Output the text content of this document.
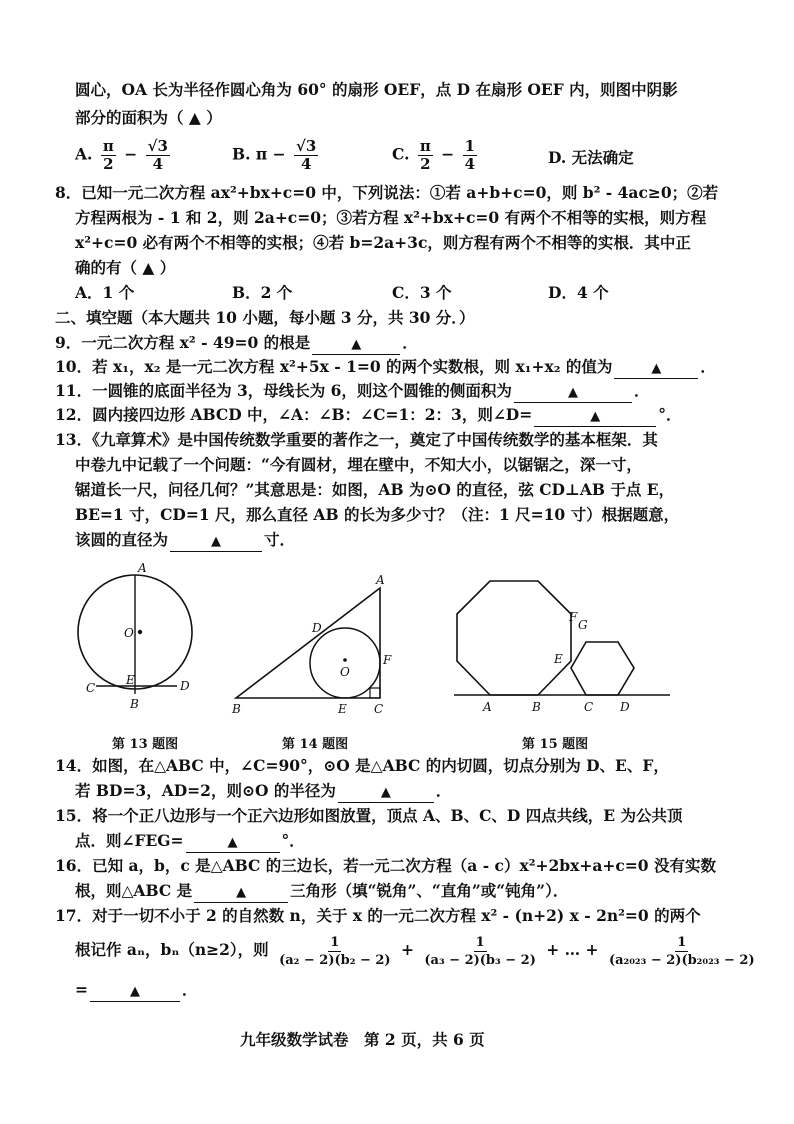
圆心，OA 长为半径作圆心角为 60° 的扇形 OEF，点 D 在扇形 OEF 内，则图中阴影
部分的面积为（ ▲ ）
A. $\frac{\pi}{2} - \frac{√3}{4}$	B. $\pi - \frac{√3}{4}$	C. $\frac{\pi}{2} - \frac{1}{4}$	D. 无法确定
8．已知一元二次方程 ax²+bx+c=0 中，下列说法：①若 a+b+c=0，则 b² - 4ac≥0；②若
方程两根为 - 1 和 2，则 2a+c=0；③若方程 x²+bx+c=0 有两个不相等的实根，则方程
x²+c=0 必有两个不相等的实根；④若 b=2a+3c，则方程有两个不相等的实根．其中正
确的有（ ▲ ）
A．1 个	B．2 个	C．3 个	D．4 个
二、填空题（本大题共 10 小题，每小题 3 分，共 30 分．）
9．一元二次方程 x² - 49=0 的根是	▲	．
10．若 x₁，x₂ 是一元二次方程 x²+5x - 1=0 的两个实数根，则 x₁+x₂ 的值为	▲	．
11．一圆锥的底面半径为 3，母线长为 6，则这个圆锥的侧面积为	▲	．
12．圆内接四边形 ABCD 中，∠A：∠B：∠C=1：2：3，则∠D=	▲	°．
13．《九章算术》是中国传统数学重要的著作之一，奠定了中国传统数学的基本框架．其
中卷九中记载了一个问题：“今有圆材，埋在壁中，不知大小，以锯锯之，深一寸，
锯道长一尺，问径几何？”其意思是：如图，AB 为⊙O 的直径，弦 CD⊥AB 于点 E，
BE=1 寸，CD=1 尺，那么直径 AB 的长为多少寸？（注：1 尺=10 寸）根据题意，
该圆的直径为	▲	寸．
A
O
E
C	D
B
第 13 题图
A
D
O
F
B	E C
第 14 题图
F
G
E
A	B	C D
第 15 题图
14．如图，在△ABC 中，∠C=90°，⊙O 是△ABC 的内切圆，切点分别为 D、E、F，
若 BD=3，AD=2，则⊙O 的半径为	▲	．
15．将一个正八边形与一个正六边形如图放置，顶点 A、B、C、D 四点共线，E 为公共顶
点．则∠FEG=	▲	°．
16．已知 a，b，c 是△ABC 的三边长，若一元二次方程（a - c）x²+2bx+a+c=0 没有实数
根，则△ABC 是	▲	三角形（填“锐角”、“直角”或“钝角”）．
17．对于一切不小于 2 的自然数 n，关于 x 的一元二次方程 x² - (n+2) x - 2n²=0 的两个
根记作 aₙ，bₙ（n≥2），则 $\frac{1}{\text{(a₂ − 2)(b₂ − 2)}} + \frac{1}{\text{(a₃ − 2)(b₃ − 2)}}$ + … + $\frac{1}{\text{(a₂₀₂₃ − 2)(b₂₀₂₃ − 2)}}$
=	▲	．
九年级数学试卷　第 2 页，共 6 页
